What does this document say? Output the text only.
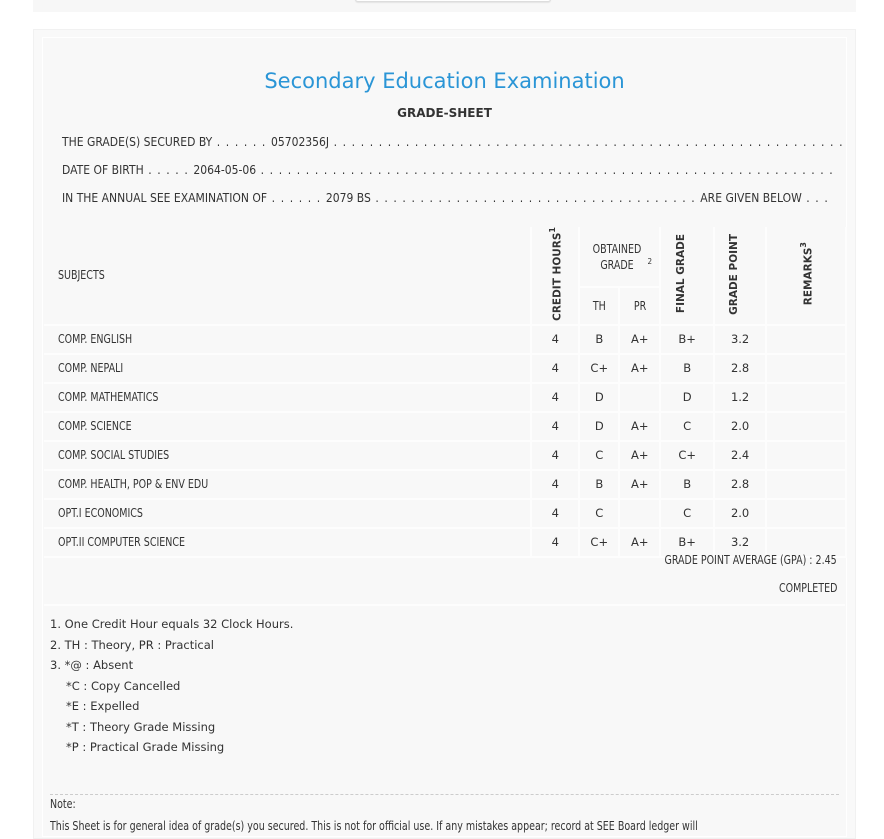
Secondary Education Examination
GRADE-SHEET
THE GRADE(S) SECURED BY . . . . . . 05702356J . . . . . . . . . . . . . . . . . . . . . . . . . . . . . . . . . . . . . . . . . . . . . . . . . . . . . . . . .
DATE OF BIRTH . . . . . 2064-05-06 . . . . . . . . . . . . . . . . . . . . . . . . . . . . . . . . . . . . . . . . . . . . . . . . . . . . . . . . . . . . . . . .
IN THE ANNUAL SEE EXAMINATION OF . . . . . . 2079 BS . . . . . . . . . . . . . . . . . . . . . . . . . . . . . . . . . . . . ARE GIVEN BELOW . . .
SUBJECTS	CREDIT HOURS$^1$	OBTAINED GRADE $^2$		FINAL GRADE	GRADE POINT	REMARKS$^3$
		TH	PR			
COMP. ENGLISH	4	B	A+	B+	3.2	
COMP. NEPALI	4	C+	A+	B	2.8	
COMP. MATHEMATICS	4	D		D	1.2	
COMP. SCIENCE	4	D	A+	C	2.0	
COMP. SOCIAL STUDIES	4	C	A+	C+	2.4	
COMP. HEALTH, POP & ENV EDU	4	B	A+	B	2.8	
OPT.I ECONOMICS	4	C		C	2.0	
OPT.II COMPUTER SCIENCE	4	C+	A+	B+	3.2	
GRADE POINT AVERAGE (GPA) : 2.45
COMPLETED
1. One Credit Hour equals 32 Clock Hours.
2. TH : Theory, PR : Practical
3. *@ : Absent
*C : Copy Cancelled
*E : Expelled
*T : Theory Grade Missing
*P : Practical Grade Missing
Note:
This Sheet is for general idea of grade(s) you secured. This is not for official use. If any mistakes appear; record at SEE Board ledger will
